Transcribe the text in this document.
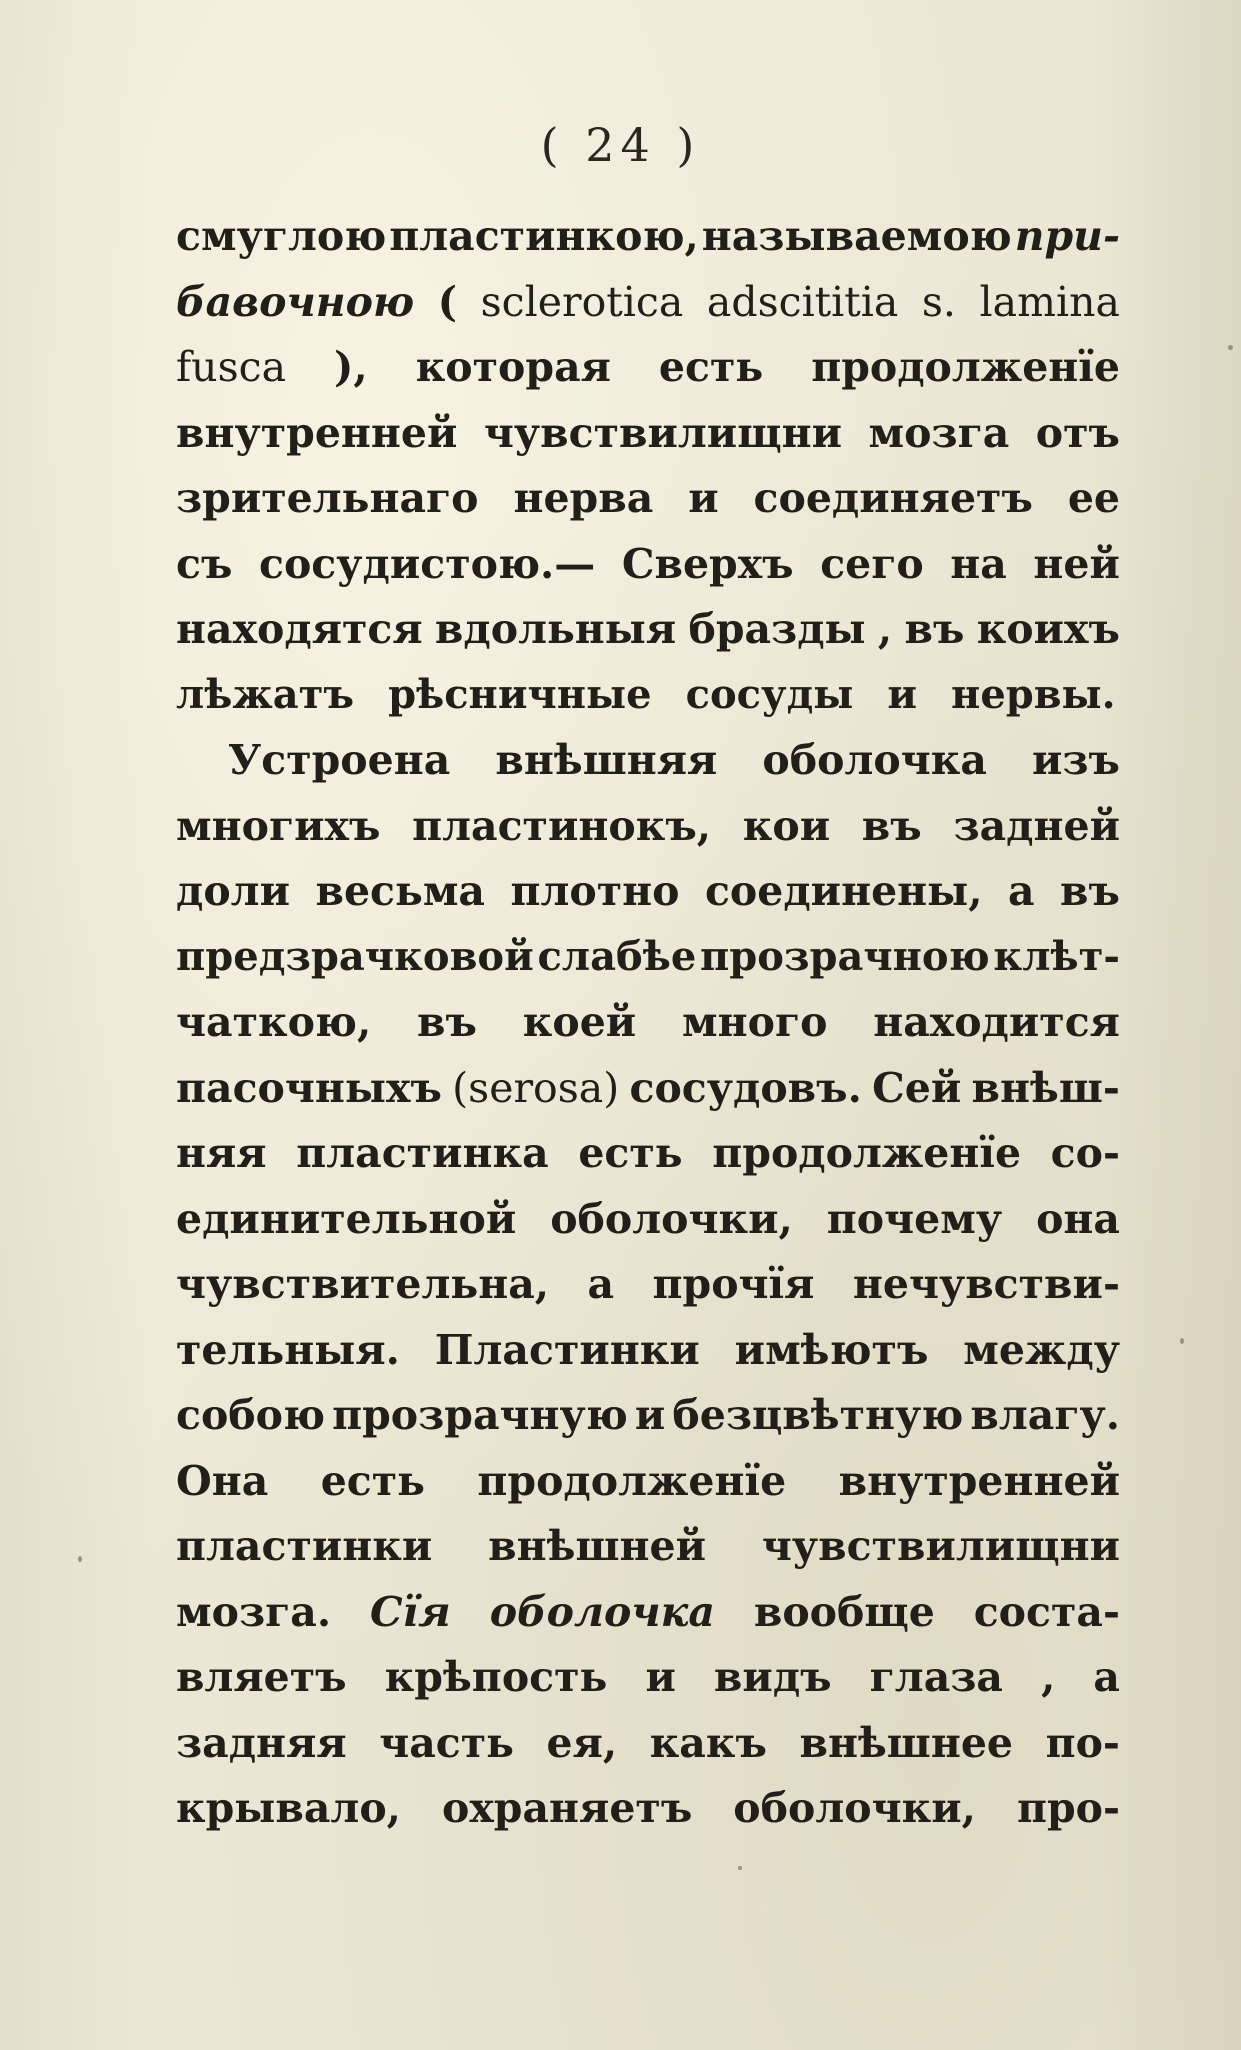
( 24 )
смуглою пластинкою, называемою при-
бавочною ( sclerotica adscititia s. lamina
fusca ), которая есть продолженїе
внутренней чувствилищни мозга отъ
зрительнаго нерва и соединяетъ ее
съ сосудистою.— Сверхъ сего на ней
находятся вдольныя бразды , въ коихъ
лѣжатъ рѣсничные сосуды и нервы.
Устроена внѣшняя оболочка изъ
многихъ пластинокъ, кои въ задней
доли весьма плотно соединены, а въ
предзрачковой слабѣе прозрачною клѣт-
чаткою, въ коей много находится
пасочныхъ (serosa) сосудовъ. Сей внѣш-
няя пластинка есть продолженїе со-
единительной оболочки, почему она
чувствительна, а прочїя нечувстви-
тельныя. Пластинки имѣютъ между
собою прозрачную и безцвѣтную влагу.
Она есть продолженїе внутренней
пластинки внѣшней чувствилищни
мозга. Сїя оболочка вообще соста-
вляетъ крѣпость и видъ глаза , а
задняя часть ея, какъ внѣшнее по-
крывало, охраняетъ оболочки, про-
